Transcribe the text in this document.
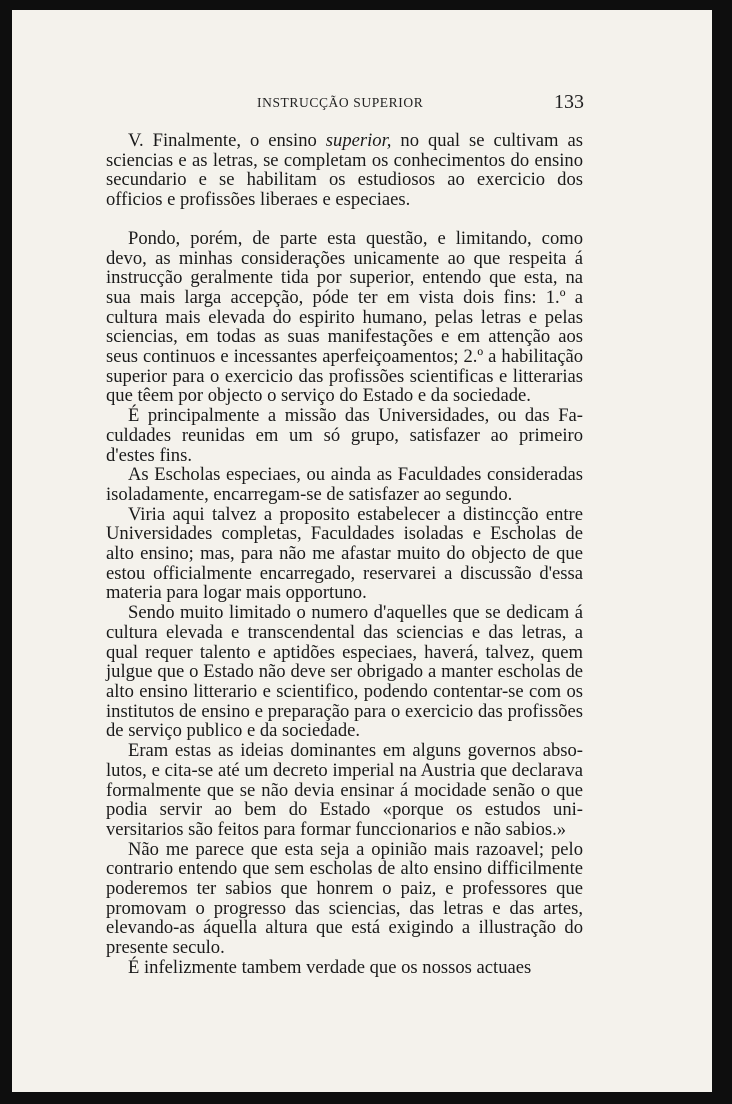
INSTRUCÇÃO SUPERIOR	133

V. Finalmente, o ensino superior, no qual se cultivam as sciencias e as letras, se completam os conhecimentos do ensino secundario e se habilitam os estudiosos ao exercicio dos officios e profissões liberaes e especiaes.

Pondo, porém, de parte esta questão, e limitando, como devo, as minhas considerações unicamente ao que respeita á instrucção geralmente tida por superior, entendo que esta, na sua mais larga accepção, póde ter em vista dois fins: 1.º a cultura mais elevada do espirito humano, pelas letras e pelas sciencias, em todas as suas manifestações e em attenção aos seus continuos e incessantes aperfeiçoamentos; 2.º a habilitação superior para o exercicio das profissões scientificas e litterarias que têem por objecto o serviço do Estado e da sociedade.

É principalmente a missão das Universidades, ou das Faculdades reunidas em um só grupo, satisfazer ao primeiro d'estes fins.

As Escholas especiaes, ou ainda as Faculdades consideradas isoladamente, encarregam-se de satisfazer ao segundo.

Viria aqui talvez a proposito estabelecer a distincção entre Universidades completas, Faculdades isoladas e Escholas de alto ensino; mas, para não me afastar muito do objecto de que estou officialmente encarregado, reservarei a discussão d'essa materia para logar mais opportuno.

Sendo muito limitado o numero d'aquelles que se dedicam á cultura elevada e transcendental das sciencias e das letras, a qual requer talento e aptidões especiaes, haverá, talvez, quem julgue que o Estado não deve ser obrigado a manter escholas de alto ensino litterario e scientifico, podendo contentar-se com os institutos de ensino e preparação para o exercicio das profissões de serviço publico e da sociedade.

Eram estas as ideias dominantes em alguns governos absolutos, e cita-se até um decreto imperial na Austria que declarava formalmente que se não devia ensinar á mocidade senão o que podia servir ao bem do Estado «porque os estudos universitarios são feitos para formar funccionarios e não sabios.»

Não me parece que esta seja a opinião mais razoavel; pelo contrario entendo que sem escholas de alto ensino difficilmente poderemos ter sabios que honrem o paiz, e professores que promovam o progresso das sciencias, das letras e das artes, elevando-as áquella altura que está exigindo a illustração do presente seculo.

É infelizmente tambem verdade que os nossos actuaes
